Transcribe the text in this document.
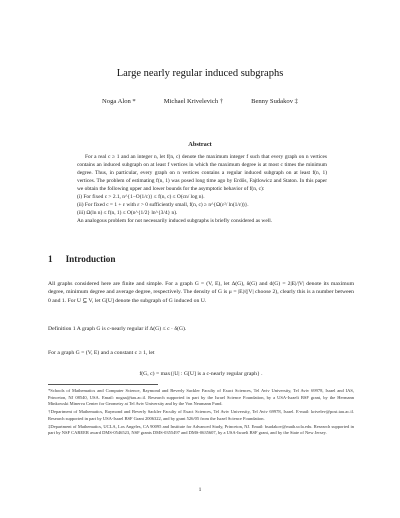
Large nearly regular induced subgraphs
Noga Alon *	Michael Krivelevich †	Benny Sudakov ‡
Abstract

For a real c ≥ 1 and an integer n, let f(n, c) denote the maximum integer f such that every graph on n vertices contains an induced subgraph on at least f vertices in which the maximum degree is at most c times the minimum degree. Thus, in particular, every graph on n vertices contains a regular induced subgraph on at least f(n, 1) vertices. The problem of estimating f(n, 1) was posed long time ago by Erdős, Fajtlowicz and Staton. In this paper we obtain the following upper and lower bounds for the asymptotic behavior of f(n, c):

(i) For fixed c > 2.1, n^{1−O(1/c)} ≤ f(n, c) ≤ O(cn/ log n).

(ii) For fixed c = 1 + ε with ε > 0 sufficiently small, f(n, c) ≥ n^{Ω(ε²/ ln(1/ε))}.

(iii) Ω(ln n) ≤ f(n, 1) ≤ O(n^{1/2} ln^{3/4} n).

An analogous problem for not necessarily induced subgraphs is briefly considered as well.

1 Introduction

All graphs considered here are finite and simple. For a graph G = (V, E), let Δ(G), δ(G) and d(G) = 2|E|/|V| denote its maximum degree, minimum degree and average degree, respectively. The density of G is μ = |E|/(|V| choose 2), clearly this is a number between 0 and 1. For U ⊆ V, let G[U] denote the subgraph of G induced on U.

Definition 1 A graph G is c-nearly regular if Δ(G) ≤ c · δ(G).

For a graph G = (V, E) and a constant c ≥ 1, let

f(G, c) = max{|U| : G[U] is a c-nearly regular graph} .

*Schools of Mathematics and Computer Science, Raymond and Beverly Sackler Faculty of Exact Sciences, Tel Aviv University, Tel Aviv 69978, Israel and IAS, Princeton, NJ 08540, USA. Email: nogaa@tau.ac.il. Research supported in part by the Israel Science Foundation, by a USA-Israeli BSF grant, by the Hermann Minkowski Minerva Center for Geometry at Tel Aviv University and by the Von Neumann Fund.

†Department of Mathematics, Raymond and Beverly Sackler Faculty of Exact Sciences, Tel Aviv University, Tel Aviv 69978, Israel. E-mail: krivelev@post.tau.ac.il. Research supported in part by USA-Israel BSF Grant 2006322, and by grant 526/05 from the Israel Science Foundation.

‡Department of Mathematics, UCLA, Los Angeles, CA 90095 and Institute for Advanced Study, Princeton, NJ. Email: bsudakov@math.ucla.edu. Research supported in part by NSF CAREER award DMS-0546523, NSF grants DMS-0355497 and DMS-0635607, by a USA-Israeli BSF grant, and by the State of New Jersey.

1
